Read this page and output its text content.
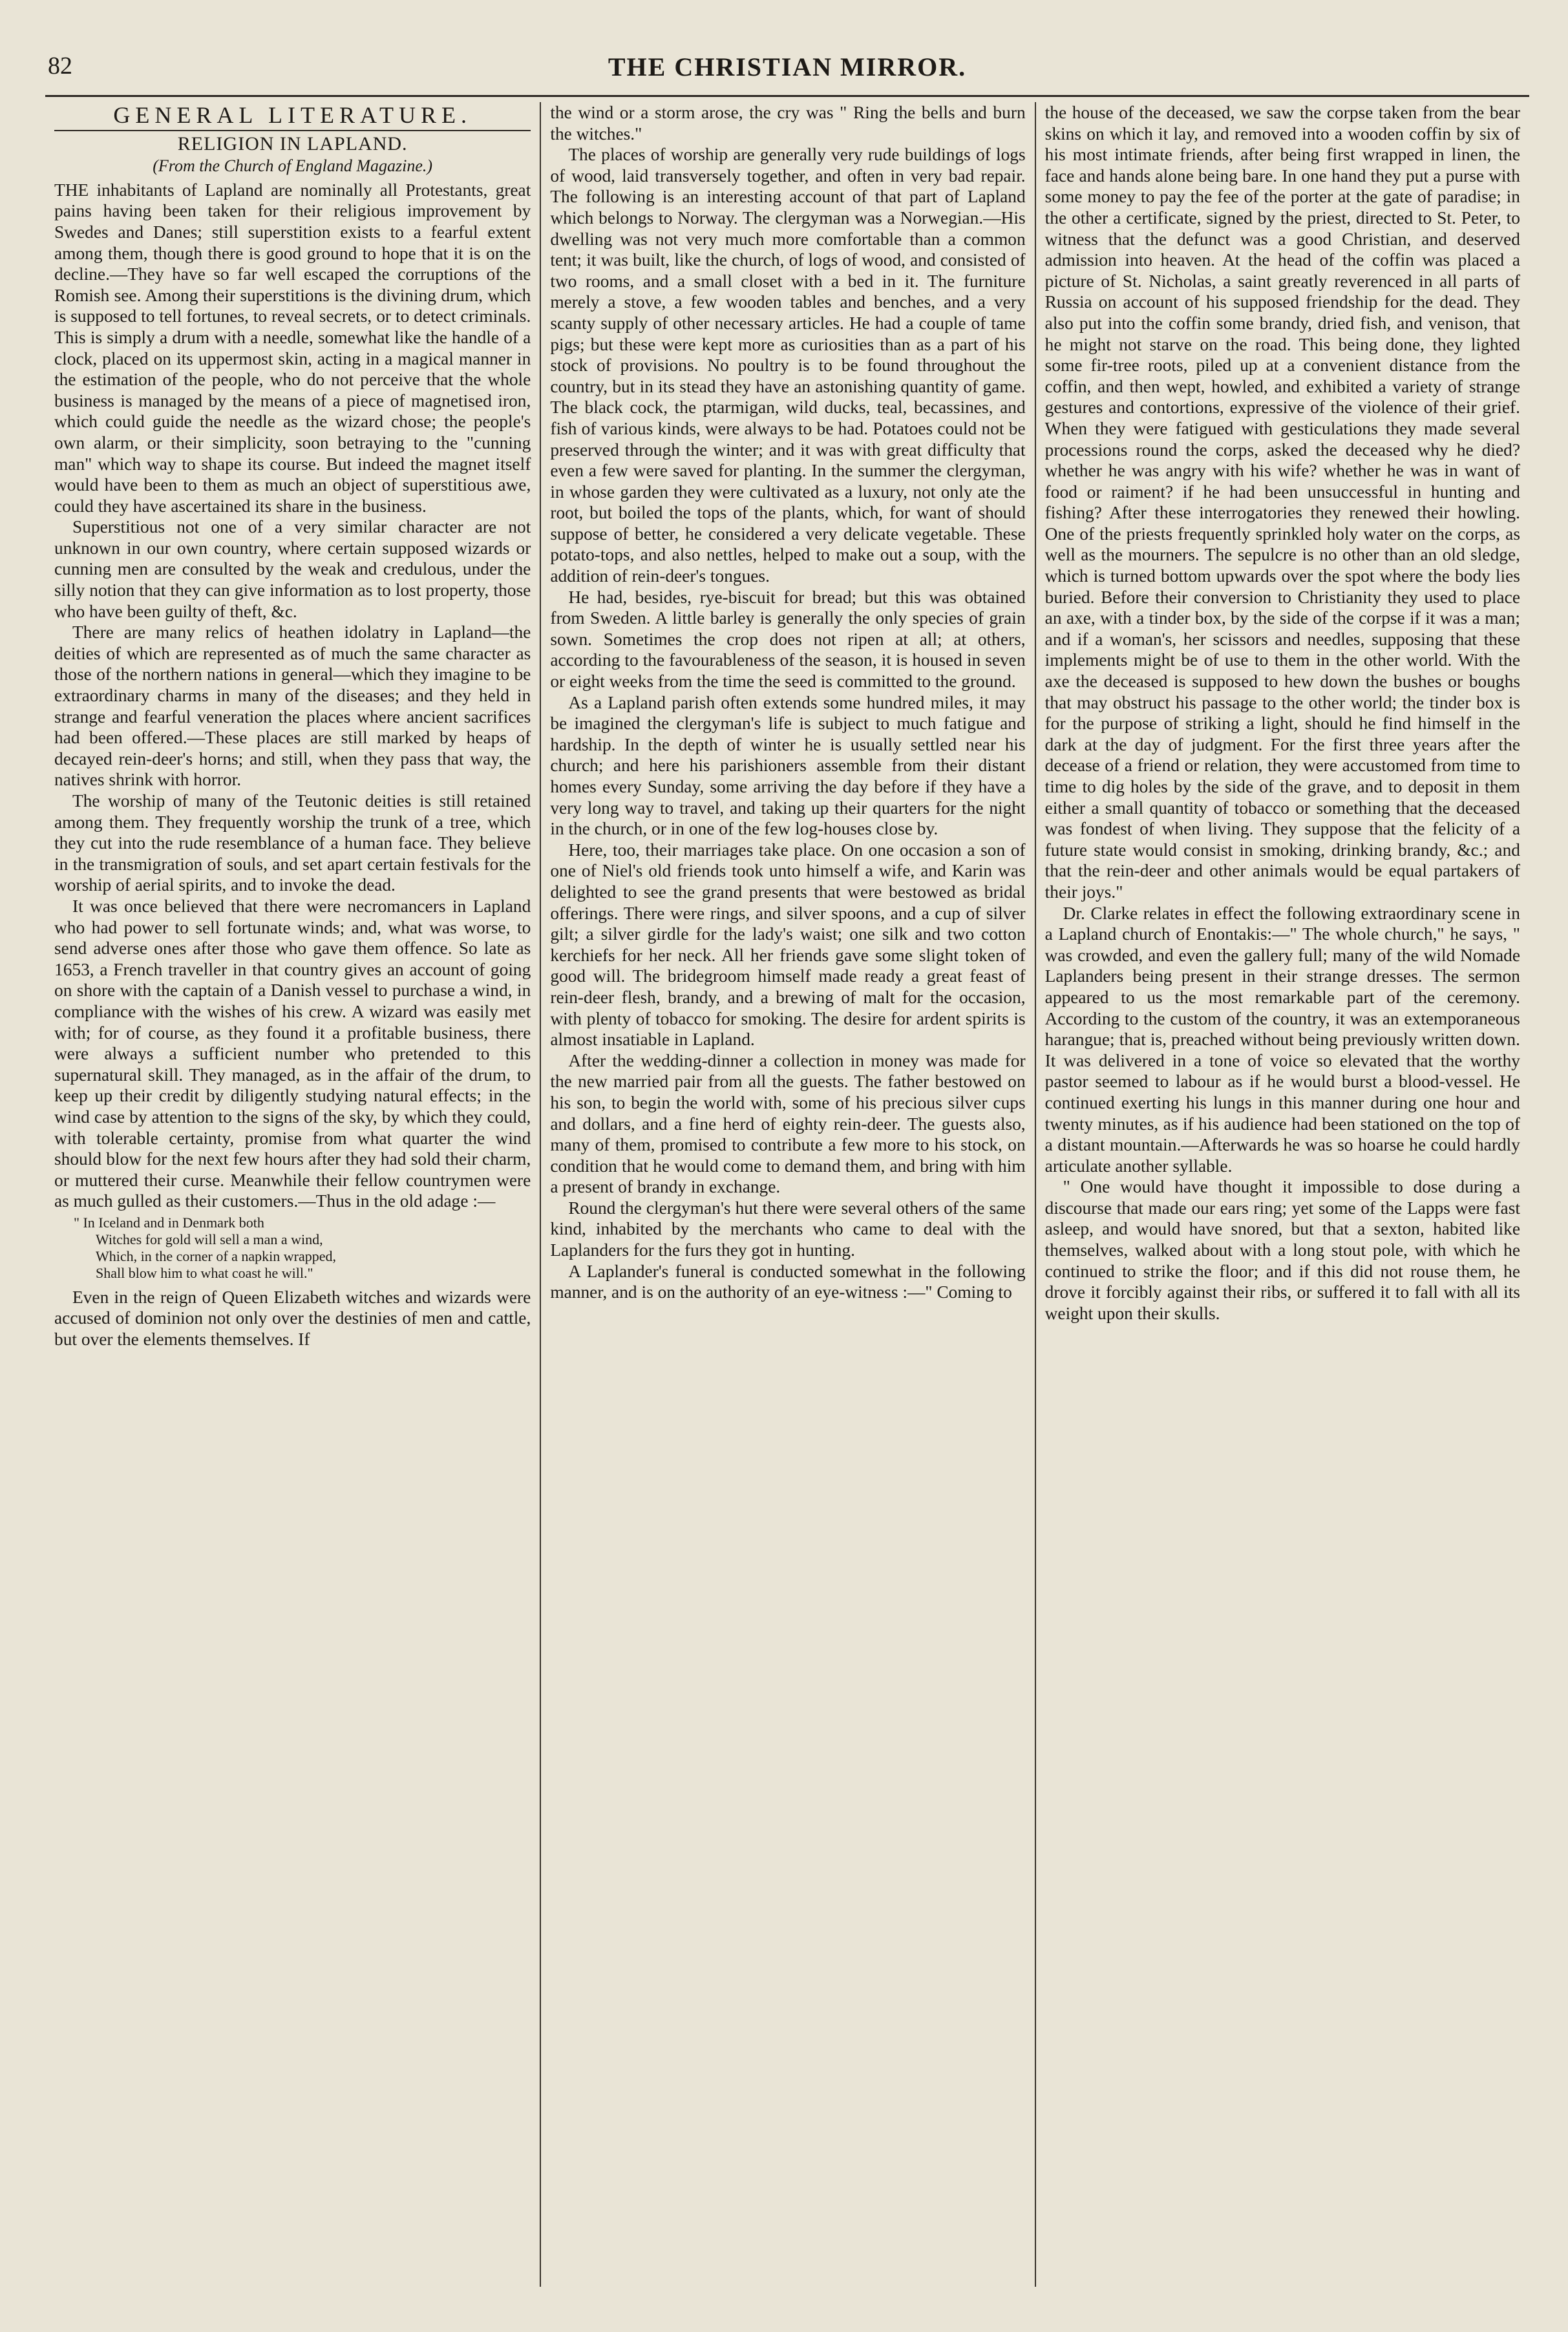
82	THE CHRISTIAN MIRROR.
GENERAL LITERATURE.
RELIGION IN LAPLAND.
(From the Church of England Magazine.)

THE inhabitants of Lapland are nominally all Protestants, great pains having been taken for their religious improvement by Swedes and Danes; still superstition exists to a fearful extent among them, though there is good ground to hope that it is on the decline.—They have so far well escaped the corruptions of the Romish see. Among their superstitions is the divining drum, which is supposed to tell fortunes, to reveal secrets, or to detect criminals. This is simply a drum with a needle, somewhat like the handle of a clock, placed on its uppermost skin, acting in a magical manner in the estimation of the people, who do not perceive that the whole business is managed by the means of a piece of magnetised iron, which could guide the needle as the wizard chose; the people's own alarm, or their simplicity, soon betraying to the "cunning man" which way to shape its course. But indeed the magnet itself would have been to them as much an object of superstitious awe, could they have ascertained its share in the business.

Superstitious not one of a very similar character are not unknown in our own country, where certain supposed wizards or cunning men are consulted by the weak and credulous, under the silly notion that they can give information as to lost property, those who have been guilty of theft, &c.

There are many relics of heathen idolatry in Lapland—the deities of which are represented as of much the same character as those of the northern nations in general—which they imagine to be extraordinary charms in many of the diseases; and they held in strange and fearful veneration the places where ancient sacrifices had been offered.—These places are still marked by heaps of decayed rein-deer's horns; and still, when they pass that way, the natives shrink with horror.

The worship of many of the Teutonic deities is still retained among them. They frequently worship the trunk of a tree, which they cut into the rude resemblance of a human face. They believe in the transmigration of souls, and set apart certain festivals for the worship of aerial spirits, and to invoke the dead.

It was once believed that there were necromancers in Lapland who had power to sell fortunate winds; and, what was worse, to send adverse ones after those who gave them offence. So late as 1653, a French traveller in that country gives an account of going on shore with the captain of a Danish vessel to purchase a wind, in compliance with the wishes of his crew. A wizard was easily met with; for of course, as they found it a profitable business, there were always a sufficient number who pretended to this supernatural skill. They managed, as in the affair of the drum, to keep up their credit by diligently studying natural effects; in the wind case by attention to the signs of the sky, by which they could, with tolerable certainty, promise from what quarter the wind should blow for the next few hours after they had sold their charm, or muttered their curse. Meanwhile their fellow countrymen were as much gulled as their customers.—Thus in the old adage :—

" In Iceland and in Denmark both
Witches for gold will sell a man a wind,
Which, in the corner of a napkin wrapped,
Shall blow him to what coast he will."

Even in the reign of Queen Elizabeth witches and wizards were accused of dominion not only over the destinies of men and cattle, but over the elements themselves. If

the wind or a storm arose, the cry was " Ring the bells and burn the witches."

The places of worship are generally very rude buildings of logs of wood, laid transversely together, and often in very bad repair. The following is an interesting account of that part of Lapland which belongs to Norway. The clergyman was a Norwegian.—His dwelling was not very much more comfortable than a common tent; it was built, like the church, of logs of wood, and consisted of two rooms, and a small closet with a bed in it. The furniture merely a stove, a few wooden tables and benches, and a very scanty supply of other necessary articles. He had a couple of tame pigs; but these were kept more as curiosities than as a part of his stock of provisions. No poultry is to be found throughout the country, but in its stead they have an astonishing quantity of game. The black cock, the ptarmigan, wild ducks, teal, becassines, and fish of various kinds, were always to be had. Potatoes could not be preserved through the winter; and it was with great difficulty that even a few were saved for planting. In the summer the clergyman, in whose garden they were cultivated as a luxury, not only ate the root, but boiled the tops of the plants, which, for want of should suppose of better, he considered a very delicate vegetable. These potato-tops, and also nettles, helped to make out a soup, with the addition of rein-deer's tongues.

He had, besides, rye-biscuit for bread; but this was obtained from Sweden. A little barley is generally the only species of grain sown. Sometimes the crop does not ripen at all; at others, according to the favourableness of the season, it is housed in seven or eight weeks from the time the seed is committed to the ground.

As a Lapland parish often extends some hundred miles, it may be imagined the clergyman's life is subject to much fatigue and hardship. In the depth of winter he is usually settled near his church; and here his parishioners assemble from their distant homes every Sunday, some arriving the day before if they have a very long way to travel, and taking up their quarters for the night in the church, or in one of the few log-houses close by.

Here, too, their marriages take place. On one occasion a son of one of Niel's old friends took unto himself a wife, and Karin was delighted to see the grand presents that were bestowed as bridal offerings. There were rings, and silver spoons, and a cup of silver gilt; a silver girdle for the lady's waist; one silk and two cotton kerchiefs for her neck. All her friends gave some slight token of good will. The bridegroom himself made ready a great feast of rein-deer flesh, brandy, and a brewing of malt for the occasion, with plenty of tobacco for smoking. The desire for ardent spirits is almost insatiable in Lapland.

After the wedding-dinner a collection in money was made for the new married pair from all the guests. The father bestowed on his son, to begin the world with, some of his precious silver cups and dollars, and a fine herd of eighty rein-deer. The guests also, many of them, promised to contribute a few more to his stock, on condition that he would come to demand them, and bring with him a present of brandy in exchange.

Round the clergyman's hut there were several others of the same kind, inhabited by the merchants who came to deal with the Laplanders for the furs they got in hunting.

A Laplander's funeral is conducted somewhat in the following manner, and is on the authority of an eye-witness :—" Coming to

the house of the deceased, we saw the corpse taken from the bear skins on which it lay, and removed into a wooden coffin by six of his most intimate friends, after being first wrapped in linen, the face and hands alone being bare. In one hand they put a purse with some money to pay the fee of the porter at the gate of paradise; in the other a certificate, signed by the priest, directed to St. Peter, to witness that the defunct was a good Christian, and deserved admission into heaven. At the head of the coffin was placed a picture of St. Nicholas, a saint greatly reverenced in all parts of Russia on account of his supposed friendship for the dead. They also put into the coffin some brandy, dried fish, and venison, that he might not starve on the road. This being done, they lighted some fir-tree roots, piled up at a convenient distance from the coffin, and then wept, howled, and exhibited a variety of strange gestures and contortions, expressive of the violence of their grief. When they were fatigued with gesticulations they made several processions round the corps, asked the deceased why he died? whether he was angry with his wife? whether he was in want of food or raiment? if he had been unsuccessful in hunting and fishing? After these interrogatories they renewed their howling. One of the priests frequently sprinkled holy water on the corps, as well as the mourners. The sepulcre is no other than an old sledge, which is turned bottom upwards over the spot where the body lies buried. Before their conversion to Christianity they used to place an axe, with a tinder box, by the side of the corpse if it was a man; and if a woman's, her scissors and needles, supposing that these implements might be of use to them in the other world. With the axe the deceased is supposed to hew down the bushes or boughs that may obstruct his passage to the other world; the tinder box is for the purpose of striking a light, should he find himself in the dark at the day of judgment. For the first three years after the decease of a friend or relation, they were accustomed from time to time to dig holes by the side of the grave, and to deposit in them either a small quantity of tobacco or something that the deceased was fondest of when living. They suppose that the felicity of a future state would consist in smoking, drinking brandy, &c.; and that the rein-deer and other animals would be equal partakers of their joys."

Dr. Clarke relates in effect the following extraordinary scene in a Lapland church of Enontakis:—" The whole church," he says, " was crowded, and even the gallery full; many of the wild Nomade Laplanders being present in their strange dresses. The sermon appeared to us the most remarkable part of the ceremony. According to the custom of the country, it was an extemporaneous harangue; that is, preached without being previously written down. It was delivered in a tone of voice so elevated that the worthy pastor seemed to labour as if he would burst a blood-vessel. He continued exerting his lungs in this manner during one hour and twenty minutes, as if his audience had been stationed on the top of a distant mountain.—Afterwards he was so hoarse he could hardly articulate another syllable.

" One would have thought it impossible to dose during a discourse that made our ears ring; yet some of the Lapps were fast asleep, and would have snored, but that a sexton, habited like themselves, walked about with a long stout pole, with which he continued to strike the floor; and if this did not rouse them, he drove it forcibly against their ribs, or suffered it to fall with all its weight upon their skulls.
